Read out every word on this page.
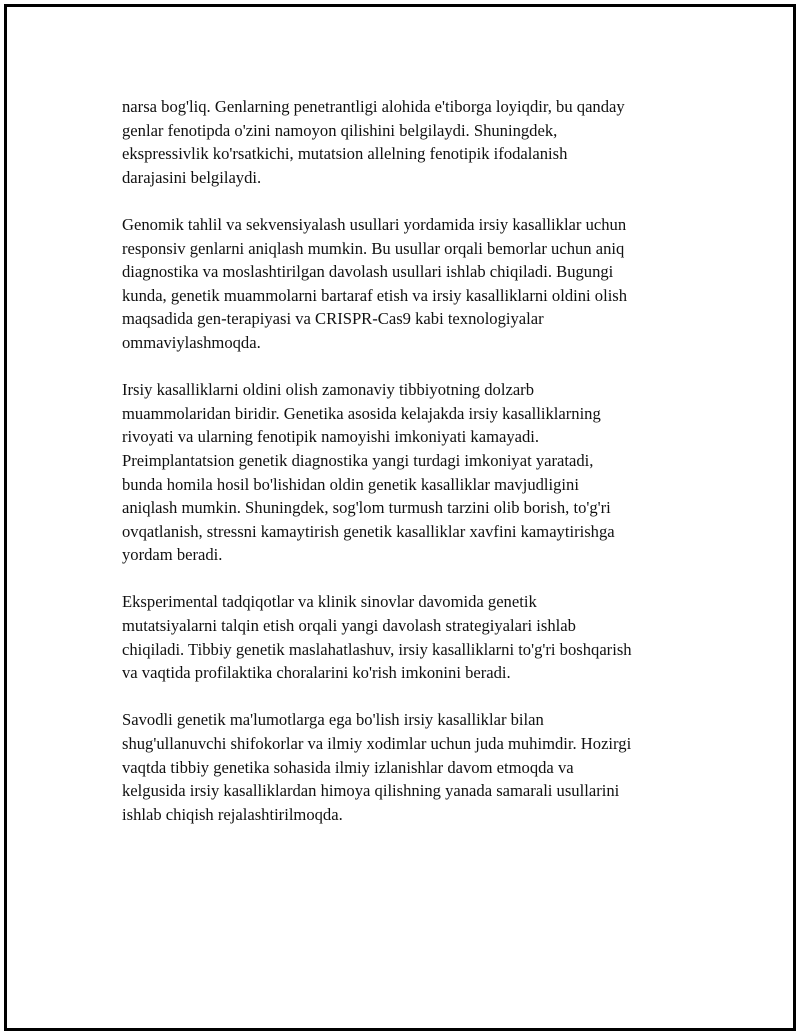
narsa bog'liq. Genlarning penetrantligi alohida e'tiborga loyiqdir, bu qanday
genlar fenotipda o'zini namoyon qilishini belgilaydi. Shuningdek,
ekspressivlik ko'rsatkichi, mutatsion allelning fenotipik ifodalanish
darajasini belgilaydi.

Genomik tahlil va sekvensiyalash usullari yordamida irsiy kasalliklar uchun
responsiv genlarni aniqlash mumkin. Bu usullar orqali bemorlar uchun aniq
diagnostika va moslashtirilgan davolash usullari ishlab chiqiladi. Bugungi
kunda, genetik muammolarni bartaraf etish va irsiy kasalliklarni oldini olish
maqsadida gen-terapiyasi va CRISPR-Cas9 kabi texnologiyalar
ommaviylashmoqda.

Irsiy kasalliklarni oldini olish zamonaviy tibbiyotning dolzarb
muammolaridan biridir. Genetika asosida kelajakda irsiy kasalliklarning
rivoyati va ularning fenotipik namoyishi imkoniyati kamayadi.
Preimplantatsion genetik diagnostika yangi turdagi imkoniyat yaratadi,
bunda homila hosil bo'lishidan oldin genetik kasalliklar mavjudligini
aniqlash mumkin. Shuningdek, sog'lom turmush tarzini olib borish, to'g'ri
ovqatlanish, stressni kamaytirish genetik kasalliklar xavfini kamaytirishga
yordam beradi.

Eksperimental tadqiqotlar va klinik sinovlar davomida genetik
mutatsiyalarni talqin etish orqali yangi davolash strategiyalari ishlab
chiqiladi. Tibbiy genetik maslahatlashuv, irsiy kasalliklarni to'g'ri boshqarish
va vaqtida profilaktika choralarini ko'rish imkonini beradi.

Savodli genetik ma'lumotlarga ega bo'lish irsiy kasalliklar bilan
shug'ullanuvchi shifokorlar va ilmiy xodimlar uchun juda muhimdir. Hozirgi
vaqtda tibbiy genetika sohasida ilmiy izlanishlar davom etmoqda va
kelgusida irsiy kasalliklardan himoya qilishning yanada samarali usullarini
ishlab chiqish rejalashtirilmoqda.
